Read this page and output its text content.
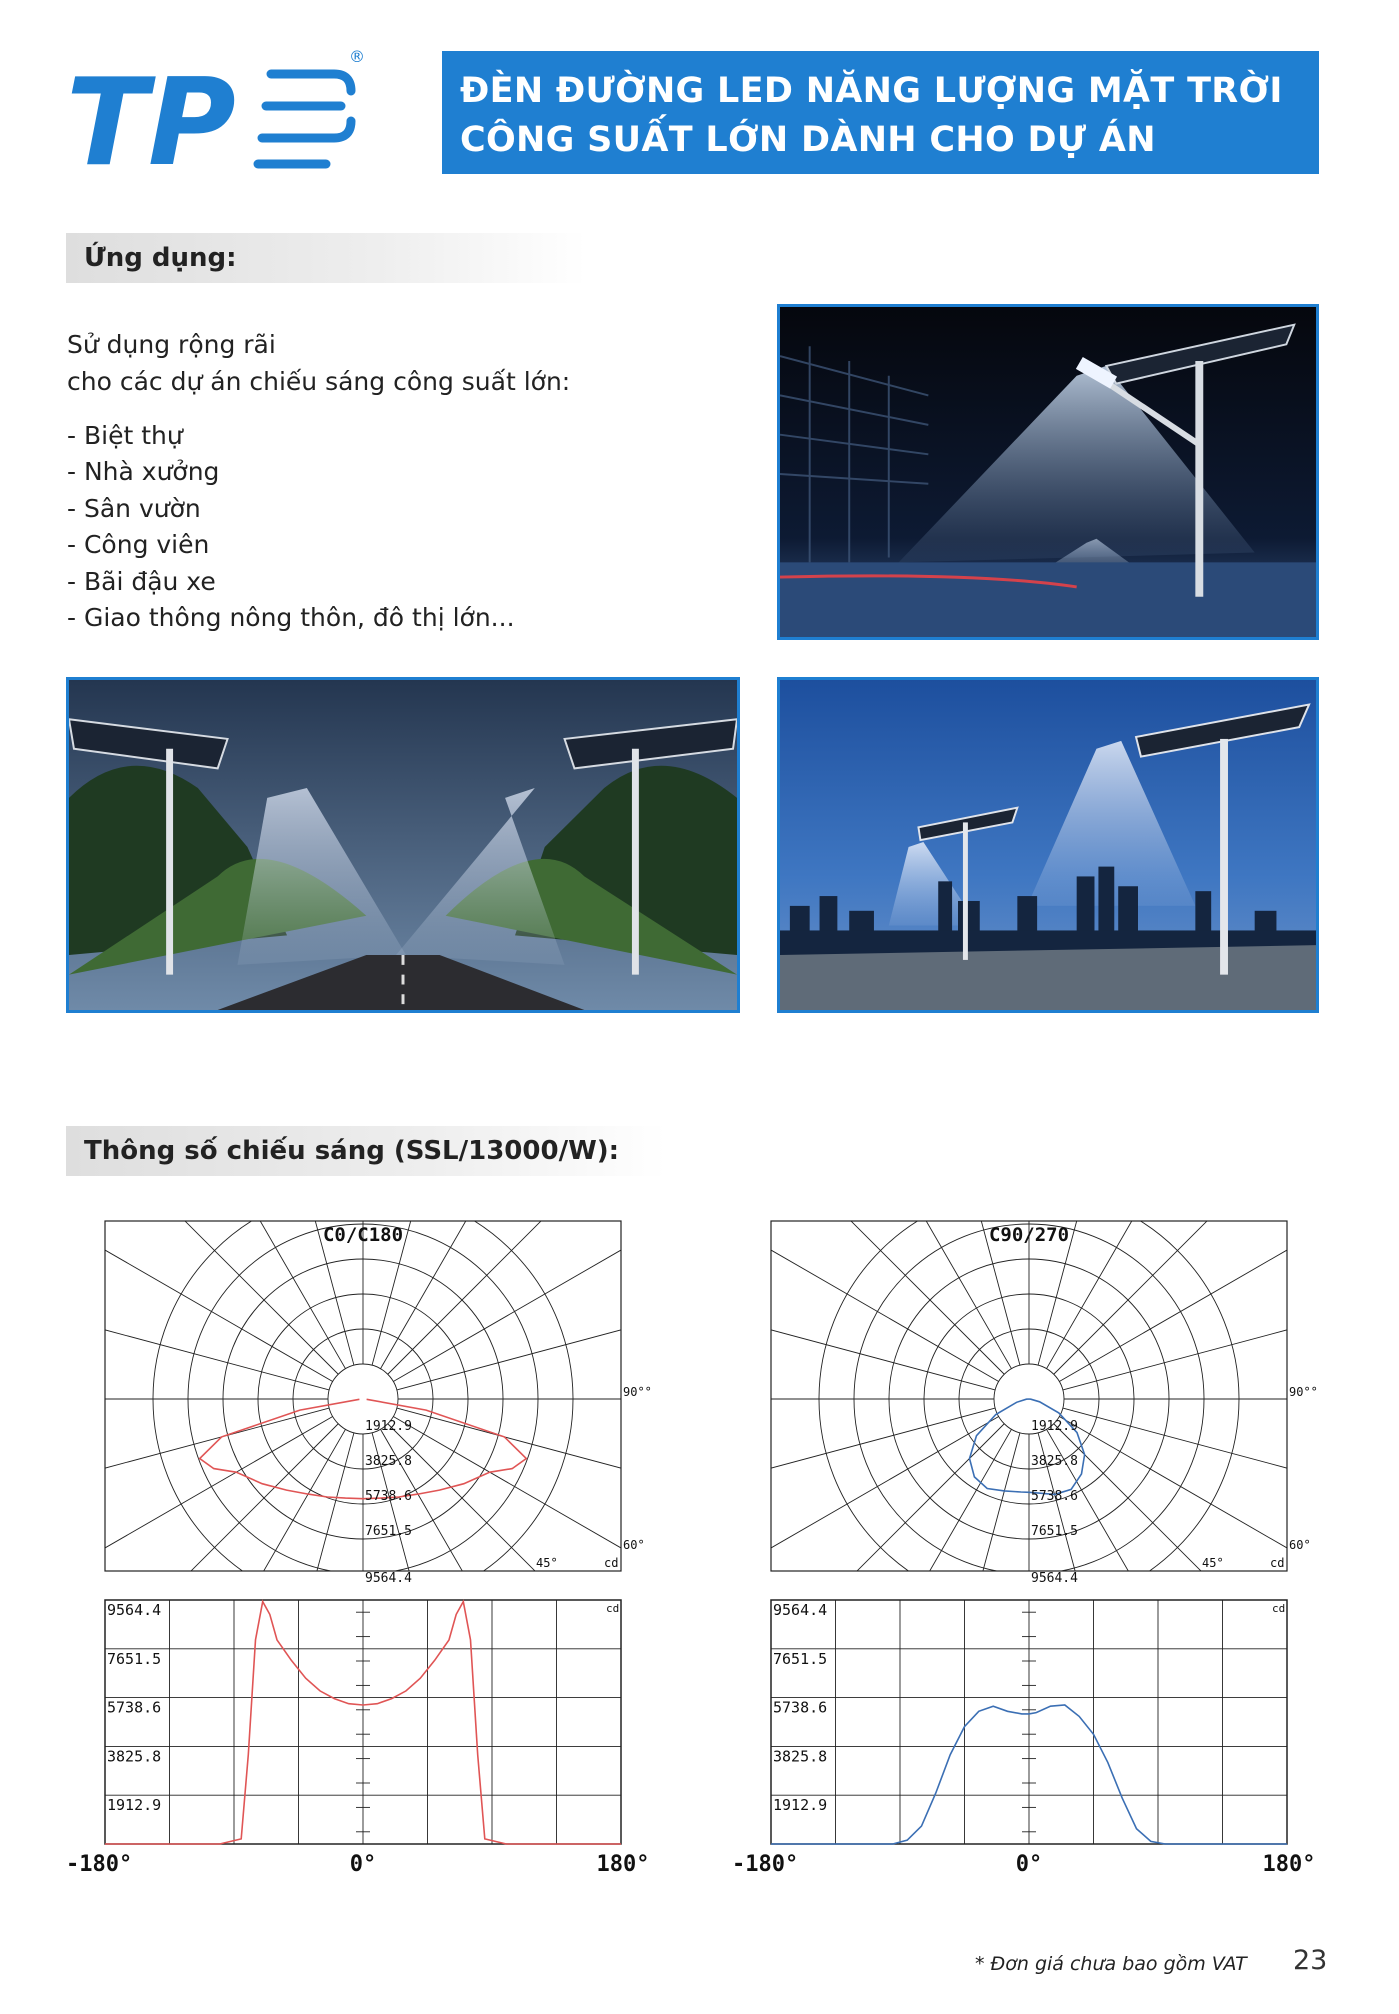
TP	®
ĐÈN ĐƯỜNG LED NĂNG LƯỢNG MẶT TRỜI
CÔNG SUẤT LỚN DÀNH CHO DỰ ÁN
Ứng dụng:
Sử dụng rộng rãi
cho các dự án chiếu sáng công suất lớn:
- Biệt thự
- Nhà xưởng
- Sân vườn
- Công viên
- Bãi đậu xe
- Giao thông nông thôn, đô thị lớn...
Thông số chiếu sáng (SSL/13000/W):
1912.9
3825.8
5738.6
7651.5
9564.4
90°°
60°
45°	cd
C0/C180
9564.4
7651.5
5738.6
3825.8
1912.9
cd
-180°	0°	180°
1912.9
3825.8
5738.6
7651.5
9564.4
90°°
60°
45°	cd
C90/270
9564.4
7651.5
5738.6
3825.8
1912.9
cd
-180°	0°	180°
* Đơn giá chưa bao gồm VAT 23
